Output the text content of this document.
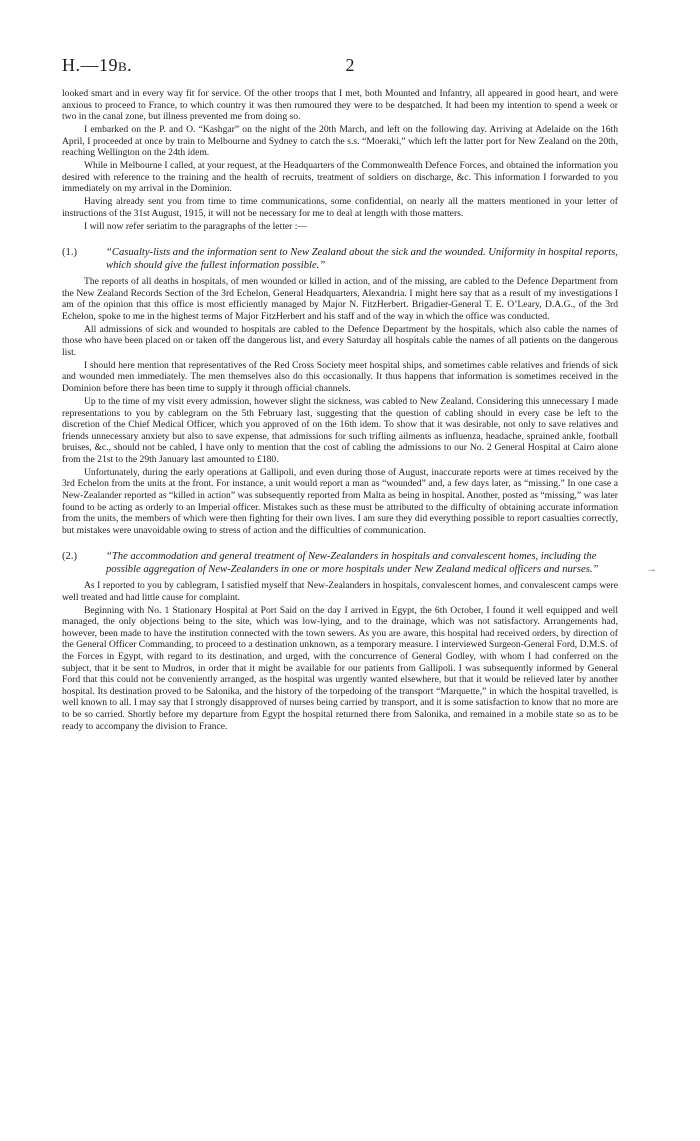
H.—19B.	2
→

looked smart and in every way fit for service. Of the other troops that I met, both Mounted and Infantry, all appeared in good heart, and were anxious to proceed to France, to which country it was then rumoured they were to be despatched. It had been my intention to spend a week or two in the canal zone, but illness prevented me from doing so.

I embarked on the P. and O. “Kashgar” on the night of the 20th March, and left on the following day. Arriving at Adelaide on the 16th April, I proceeded at once by train to Melbourne and Sydney to catch the s.s. “Moeraki,” which left the latter port for New Zealand on the 20th, reaching Wellington on the 24th idem.

While in Melbourne I called, at your request, at the Headquarters of the Commonwealth Defence Forces, and obtained the information you desired with reference to the training and the health of recruits, treatment of soldiers on discharge, &c. This information I forwarded to you immediately on my arrival in the Dominion.

Having already sent you from time to time communications, some confidential, on nearly all the matters mentioned in your letter of instructions of the 31st August, 1915, it will not be necessary for me to deal at length with those matters.

I will now refer seriatim to the paragraphs of the letter :—

(1.)	“Casualty-lists and the information sent to New Zealand about the sick and the wounded. Uniformity in hospital reports, which should give the fullest information possible.”

The reports of all deaths in hospitals, of men wounded or killed in action, and of the missing, are cabled to the Defence Department from the New Zealand Records Section of the 3rd Echelon, General Headquarters, Alexandria. I might here say that as a result of my investigations I am of the opinion that this office is most efficiently managed by Major N. FitzHerbert. Brigadier-General T. E. O’Leary, D.A.G., of the 3rd Echelon, spoke to me in the highest terms of Major FitzHerbert and his staff and of the way in which the office was conducted.

All admissions of sick and wounded to hospitals are cabled to the Defence Department by the hospitals, which also cable the names of those who have been placed on or taken off the dangerous list, and every Saturday all hospitals cable the names of all patients on the dangerous list.

I should here mention that representatives of the Red Cross Society meet hospital ships, and sometimes cable relatives and friends of sick and wounded men immediately. The men themselves also do this occasionally. It thus happens that information is sometimes received in the Dominion before there has been time to supply it through official channels.

Up to the time of my visit every admission, however slight the sickness, was cabled to New Zealand. Considering this unnecessary I made representations to you by cablegram on the 5th February last, suggesting that the question of cabling should in every case be left to the discretion of the Chief Medical Officer, which you approved of on the 16th idem. To show that it was desirable, not only to save relatives and friends unnecessary anxiety but also to save expense, that admissions for such trifling ailments as influenza, headache, sprained ankle, football bruises, &c., should not be cabled, I have only to mention that the cost of cabling the admissions to our No. 2 General Hospital at Cairo alone from the 21st to the 29th January last amounted to £180.

Unfortunately, during the early operations at Gallipoli, and even during those of August, inaccurate reports were at times received by the 3rd Echelon from the units at the front. For instance, a unit would report a man as “wounded” and, a few days later, as “missing.” In one case a New-Zealander reported as “killed in action” was subsequently reported from Malta as being in hospital. Another, posted as “missing,” was later found to be acting as orderly to an Imperial officer. Mistakes such as these must be attributed to the difficulty of obtaining accurate information from the units, the members of which were then fighting for their own lives. I am sure they did everything possible to report casualties correctly, but mistakes were unavoidable owing to stress of action and the difficulties of communication.

(2.)	“The accommodation and general treatment of New-Zealanders in hospitals and convalescent homes, including the possible aggregation of New-Zealanders in one or more hospitals under New Zealand medical officers and nurses.”

As I reported to you by cablegram, I satisfied myself that New-Zealanders in hospitals, convalescent homes, and convalescent camps were well treated and had little cause for complaint.

Beginning with No. 1 Stationary Hospital at Port Said on the day I arrived in Egypt, the 6th October, I found it well equipped and well managed, the only objections being to the site, which was low-lying, and to the drainage, which was not satisfactory. Arrangements had, however, been made to have the institution connected with the town sewers. As you are aware, this hospital had received orders, by direction of the General Officer Commanding, to proceed to a destination unknown, as a temporary measure. I interviewed Surgeon-General Ford, D.M.S. of the Forces in Egypt, with regard to its destination, and urged, with the concurrence of General Godley, with whom I had conferred on the subject, that it be sent to Mudros, in order that it might be available for our patients from Gallipoli. I was subsequently informed by General Ford that this could not be conveniently arranged, as the hospital was urgently wanted elsewhere, but that it would be relieved later by another hospital. Its destination proved to be Salonika, and the history of the torpedoing of the transport “Marquette,” in which the hospital travelled, is well known to all. I may say that I strongly disapproved of nurses being carried by transport, and it is some satisfaction to know that no more are to be so carried. Shortly before my departure from Egypt the hospital returned there from Salonika, and remained in a mobile state so as to be ready to accompany the division to France.
